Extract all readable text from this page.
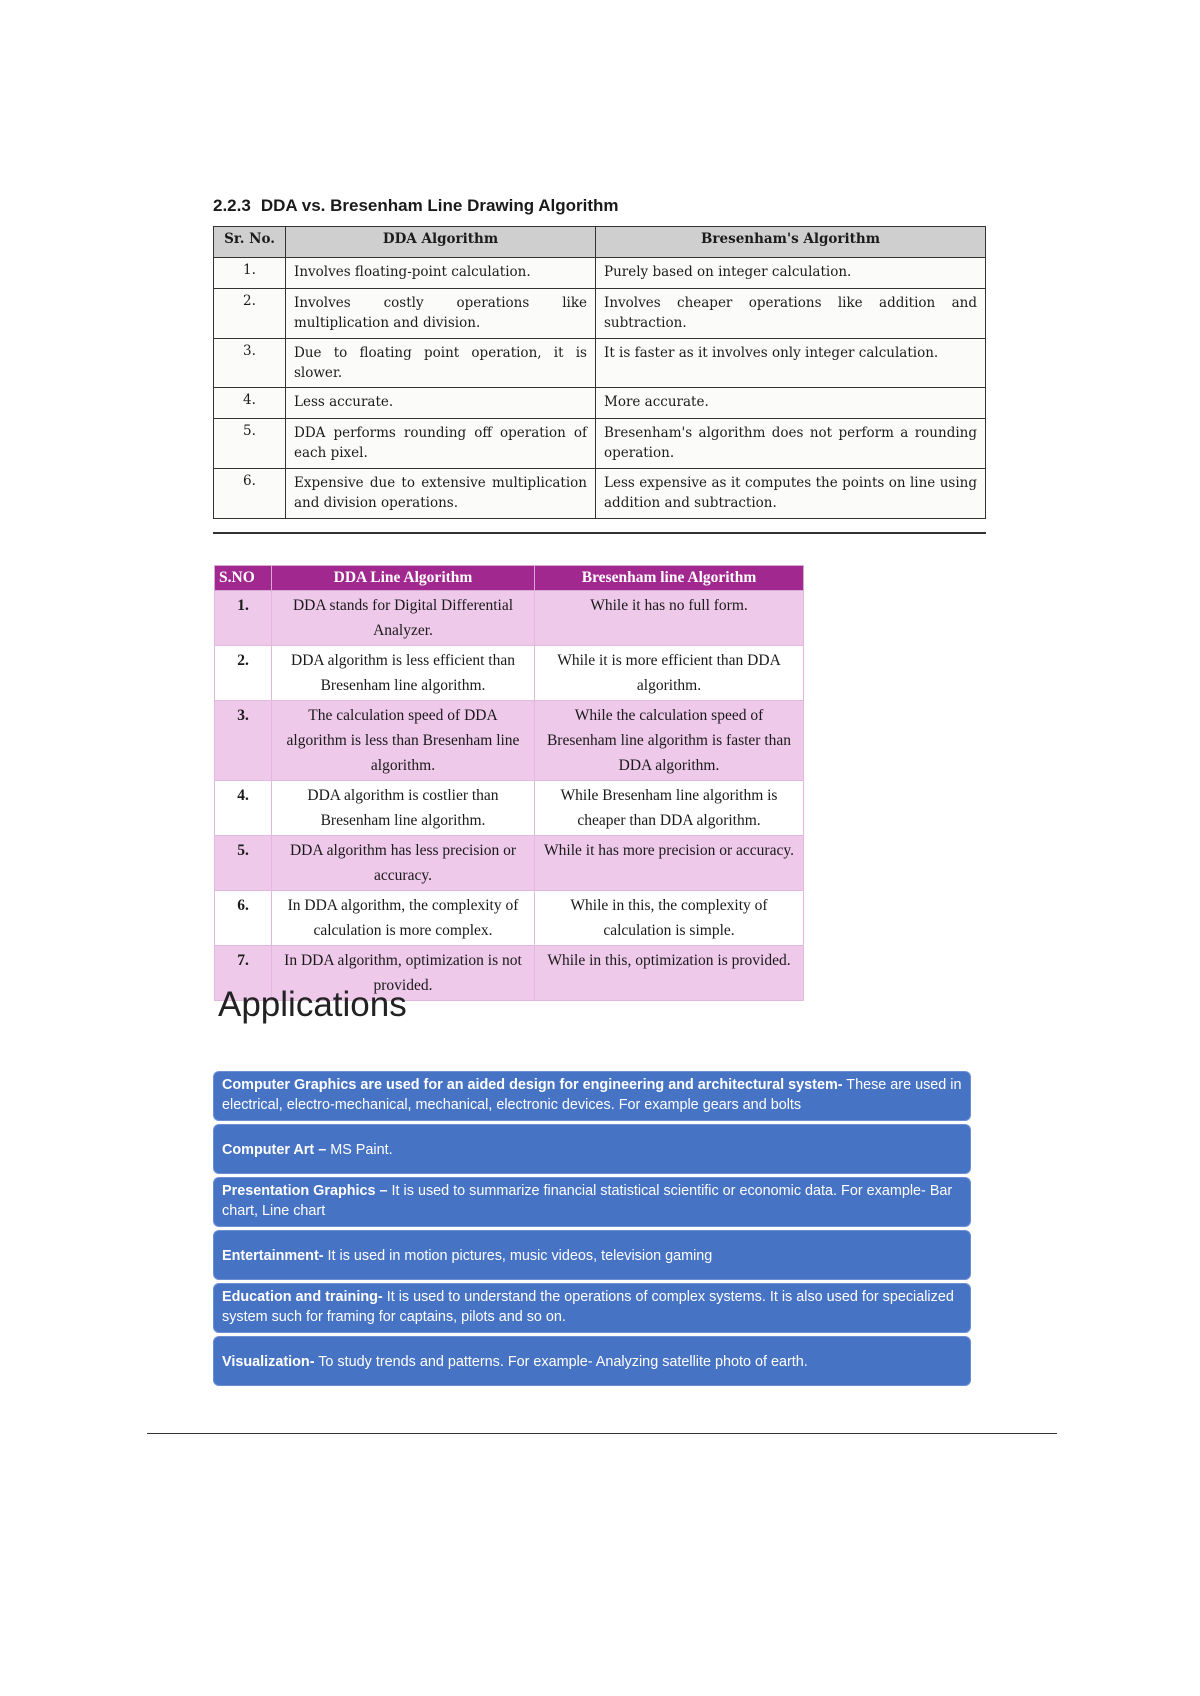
2.2.3 DDA vs. Bresenham Line Drawing Algorithm
Sr. No.	DDA Algorithm	Bresenham's Algorithm
1.	Involves floating-point calculation.	Purely based on integer calculation.
2.	Involves costly operations like multiplication and division.	Involves cheaper operations like addition and subtraction.
3.	Due to floating point operation, it is slower.	It is faster as it involves only integer calculation.
4.	Less accurate.	More accurate.
5.	DDA performs rounding off operation of each pixel.	Bresenham's algorithm does not perform a rounding operation.
6.	Expensive due to extensive multiplication and division operations.	Less expensive as it computes the points on line using addition and subtraction.
S.NO	DDA Line Algorithm	Bresenham line Algorithm
1.	DDA stands for Digital Differential Analyzer.	While it has no full form.
2.	DDA algorithm is less efficient than Bresenham line algorithm.	While it is more efficient than DDA algorithm.
3.	The calculation speed of DDA algorithm is less than Bresenham line algorithm.	While the calculation speed of Bresenham line algorithm is faster than DDA algorithm.
4.	DDA algorithm is costlier than Bresenham line algorithm.	While Bresenham line algorithm is cheaper than DDA algorithm.
5.	DDA algorithm has less precision or accuracy.	While it has more precision or accuracy.
6.	In DDA algorithm, the complexity of calculation is more complex.	While in this, the complexity of calculation is simple.
7.	In DDA algorithm, optimization is not provided.	While in this, optimization is provided.
Applications
Computer Graphics are used for an aided design for engineering and architectural system- These are used in electrical, electro-mechanical, mechanical, electronic devices. For example gears and bolts
Computer Art – MS Paint.
Presentation Graphics – It is used to summarize financial statistical scientific or economic data. For example- Bar chart, Line chart
Entertainment- It is used in motion pictures, music videos, television gaming
Education and training- It is used to understand the operations of complex systems. It is also used for specialized system such for framing for captains, pilots and so on.
Visualization- To study trends and patterns. For example- Analyzing satellite photo of earth.
